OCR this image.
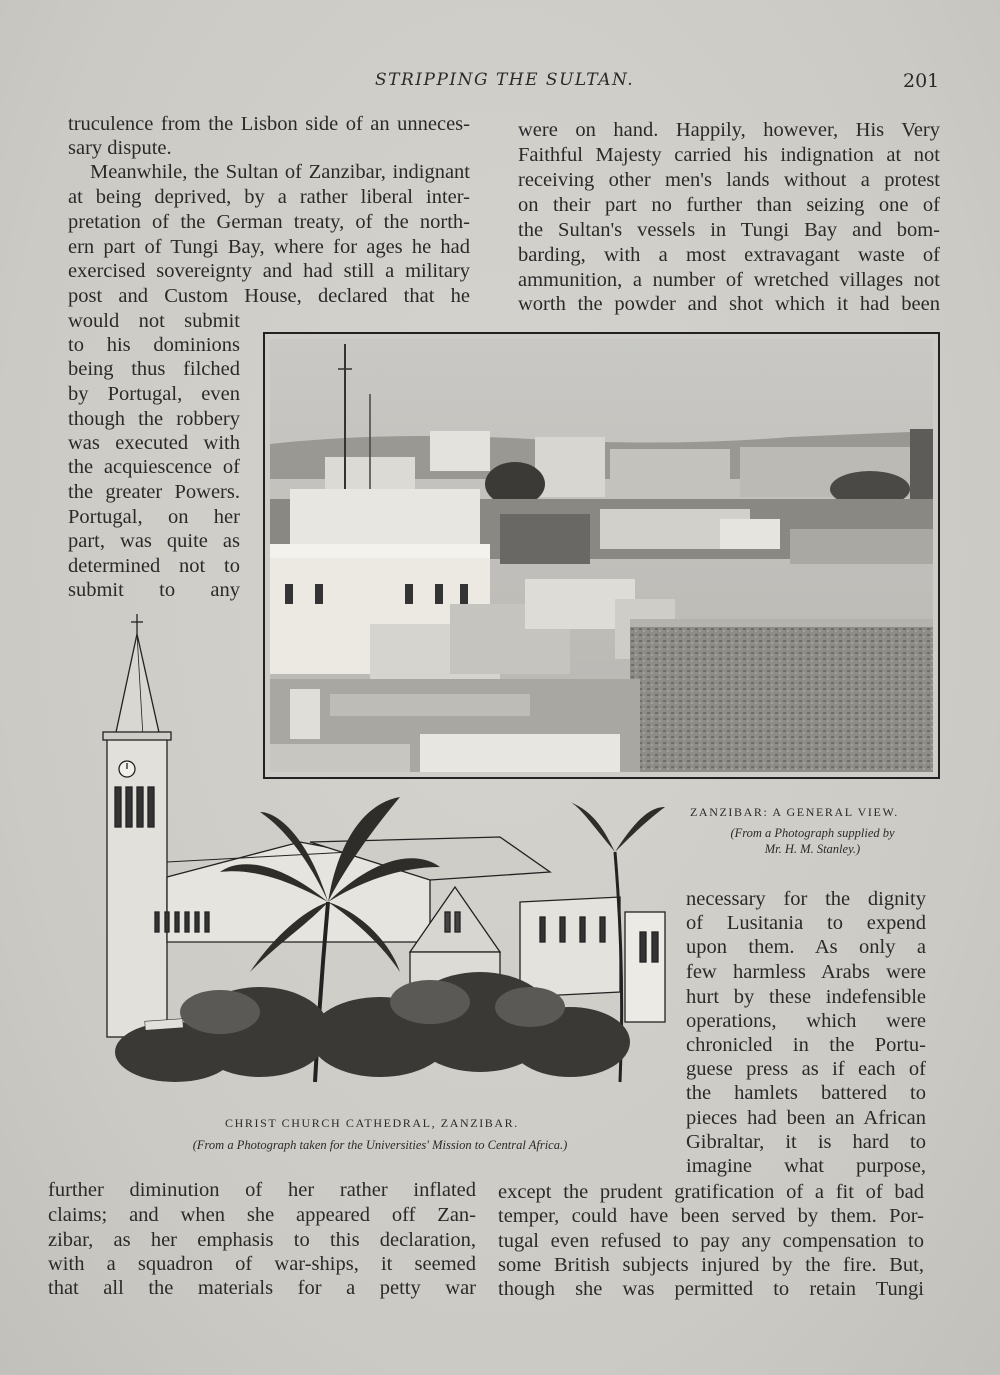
STRIPPING THE SULTAN.	201
truculence from the Lisbon side of an unneces-
sary dispute.
Meanwhile, the Sultan of Zanzibar, indignant
at being deprived, by a rather liberal inter-
pretation of the German treaty, of the north-
ern part of Tungi Bay, where for ages he had
exercised sovereignty and had still a military
post and Custom House, declared that he
would not submit
to his dominions
being thus filched
by Portugal, even
though the robbery
was executed with
the acquiescence of
the greater Powers.
Portugal, on her
part, was quite as
determined not to
submit to any
were on hand. Happily, however, His Very
Faithful Majesty carried his indignation at not
receiving other men's lands without a protest
on their part no further than seizing one of
the Sultan's vessels in Tungi Bay and bom-
barding, with a most extravagant waste of
ammunition, a number of wretched villages not
worth the powder and shot which it had been
ZANZIBAR: A GENERAL VIEW.
(From a Photograph supplied by
Mr. H. M. Stanley.)
necessary for the dignity
of Lusitania to expend
upon them. As only a
few harmless Arabs were
hurt by these indefensible
operations, which were
chronicled in the Portu-
guese press as if each of
the hamlets battered to
pieces had been an African
Gibraltar, it is hard to
imagine what purpose,
CHRIST CHURCH CATHEDRAL, ZANZIBAR.
(From a Photograph taken for the Universities' Mission to Central Africa.)
further diminution of her rather inflated
claims; and when she appeared off Zan-
zibar, as her emphasis to this declaration,
with a squadron of war-ships, it seemed
that all the materials for a petty war
except the prudent gratification of a fit of bad
temper, could have been served by them. Por-
tugal even refused to pay any compensation to
some British subjects injured by the fire. But,
though she was permitted to retain Tungi
